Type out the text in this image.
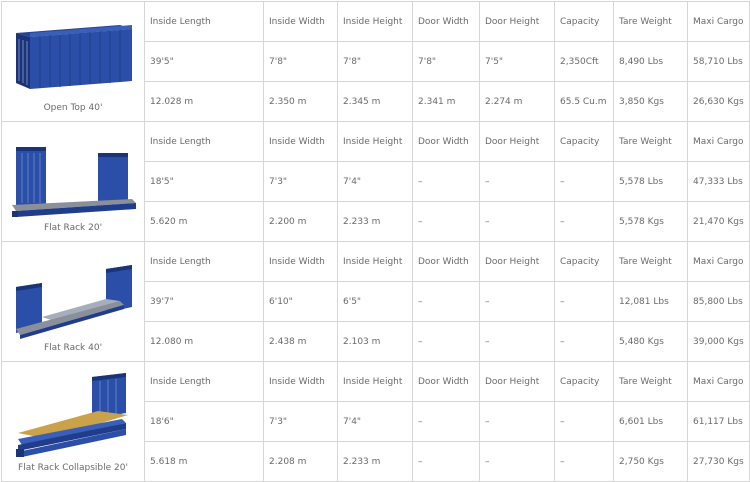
Open Top 40'	Inside Length	Inside Width	Inside Height	Door Width	Door Height	Capacity	Tare Weight	Maxi Cargo
	39'5"	7'8"	7'8"	7'8"	7'5"	2,350Cft	8,490 Lbs	58,710 Lbs
	12.028 m	2.350 m	2.345 m	2.341 m	2.274 m	65.5 Cu.m	3,850 Kgs	26,630 Kgs

Flat Rack 20'	Inside Length	Inside Width	Inside Height	Door Width	Door Height	Capacity	Tare Weight	Maxi Cargo
	18'5"	7'3"	7'4"	–	–	–	5,578 Lbs	47,333 Lbs
	5.620 m	2.200 m	2.233 m	–	–	–	5,578 Kgs	21,470 Kgs

Flat Rack 40'	Inside Length	Inside Width	Inside Height	Door Width	Door Height	Capacity	Tare Weight	Maxi Cargo
	39'7"	6'10"	6'5"	–	–	–	12,081 Lbs	85,800 Lbs
	12.080 m	2.438 m	2.103 m	–	–	–	5,480 Kgs	39,000 Kgs

Flat Rack Collapsible 20'	Inside Length	Inside Width	Inside Height	Door Width	Door Height	Capacity	Tare Weight	Maxi Cargo
	18'6"	7'3"	7'4"	–	–	–	6,601 Lbs	61,117 Lbs
	5.618 m	2.208 m	2.233 m	–	–	–	2,750 Kgs	27,730 Kgs
